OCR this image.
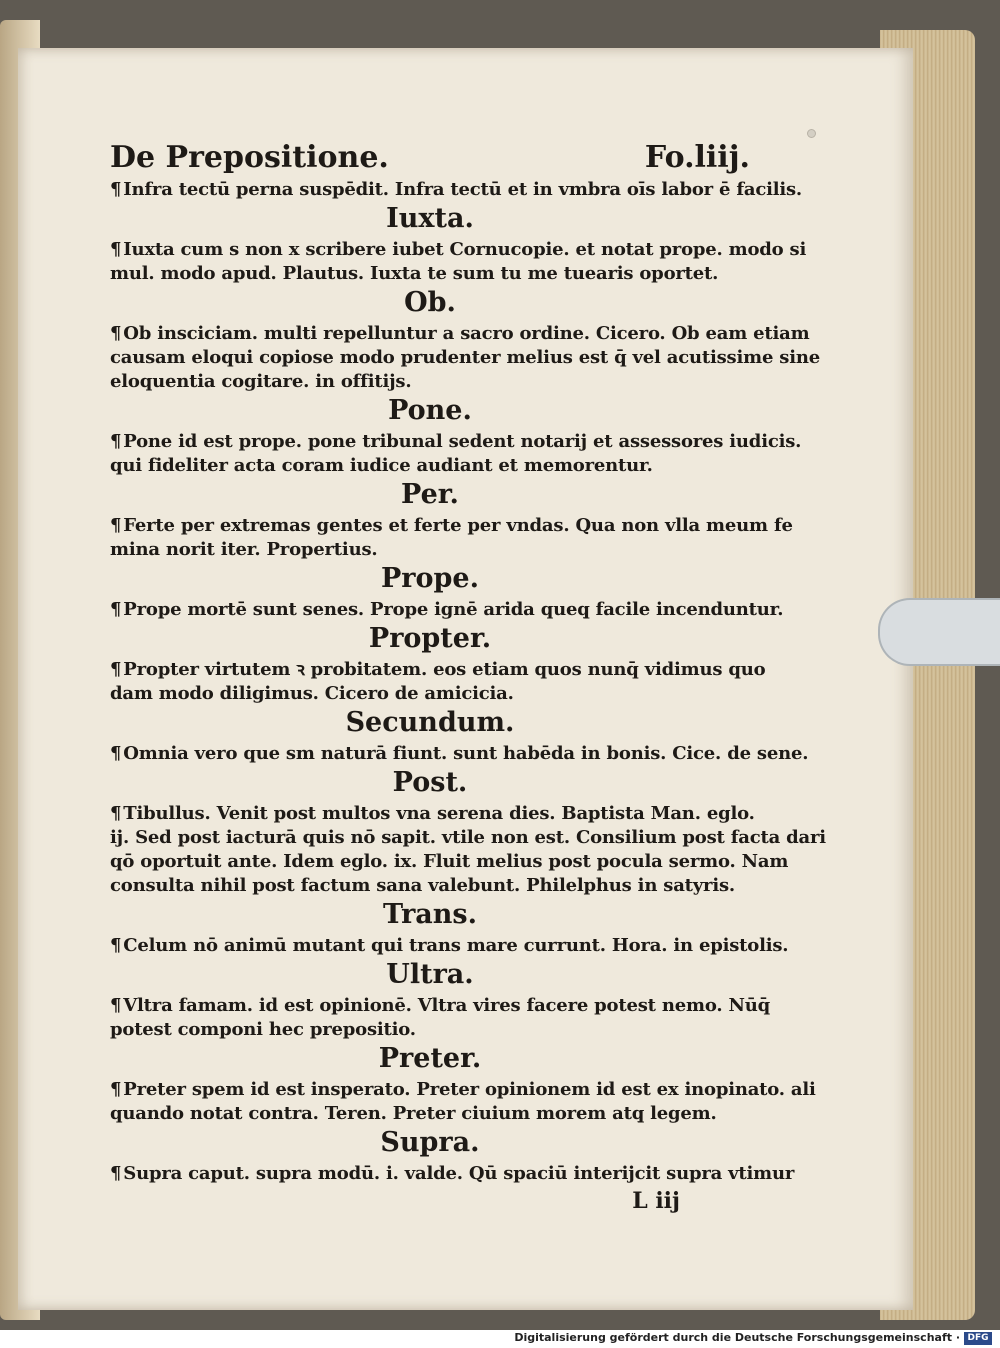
De Prepositione.	Fo.liij.
¶ Infra tectū perna suspēdit. Infra tectū et in vmbra oīs labor ē facilis.
Iuxta.
¶ Iuxta cum s non x scribere iubet Cornucopie. et notat prope. modo si
mul. modo apud. Plautus. Iuxta te sum tu me tuearis oportet.
Ob.
¶ Ob insciciam. multi repelluntur a sacro ordine. Cicero. Ob eam etiam
causam eloqui copiose modo prudenter melius est q̄ vel acutissime sine
eloquentia cogitare. in offitijs.
Pone.
¶ Pone id est prope. pone tribunal sedent notarij et assessores iudicis.
qui fideliter acta coram iudice audiant et memorentur.
Per.
¶ Ferte per extremas gentes et ferte per vndas. Qua non vlla meum fe
mina norit iter. Propertius.
Prope.
¶ Prope mortē sunt senes. Prope ignē arida queq̧ facile incenduntur.
Propter.
¶ Propter virtutem ꝛ probitatem. eos etiam quos nunq̄ vidimus quo
dam modo diligimus. Cicero de amicicia.
Secundum.
¶ Omnia vero que sm naturā fiunt. sunt habēda in bonis. Cice. de sene.
Post.
¶ Tibullus. Venit post multos vna serena dies. Baptista Man. eglo.
ij. Sed post iacturā quis nō sapit. vtile non est. Consilium post facta dari
qō oportuit ante. Idem eglo. ix. Fluit melius post pocula sermo. Nam
consulta nihil post factum sana valebunt. Philelphus in satyris.
Trans.
¶ Celum nō animū mutant qui trans mare currunt. Hora. in epistolis.
Ultra.
¶ Vltra famam. id est opinionē. Vltra vires facere potest nemo. Nūq̄
potest componi hec prepositio.
Preter.
¶ Preter spem id est insperato. Preter opinionem id est ex inopinato. ali
quando notat contra. Teren. Preter ciuium morem atq̧ legem.
Supra.
¶ Supra caput. supra modū. i. valde. Qū spaciū interijcit supra vtimur
L iij
Digitalisierung gefördert durch die Deutsche Forschungsgemeinschaft · DFG
